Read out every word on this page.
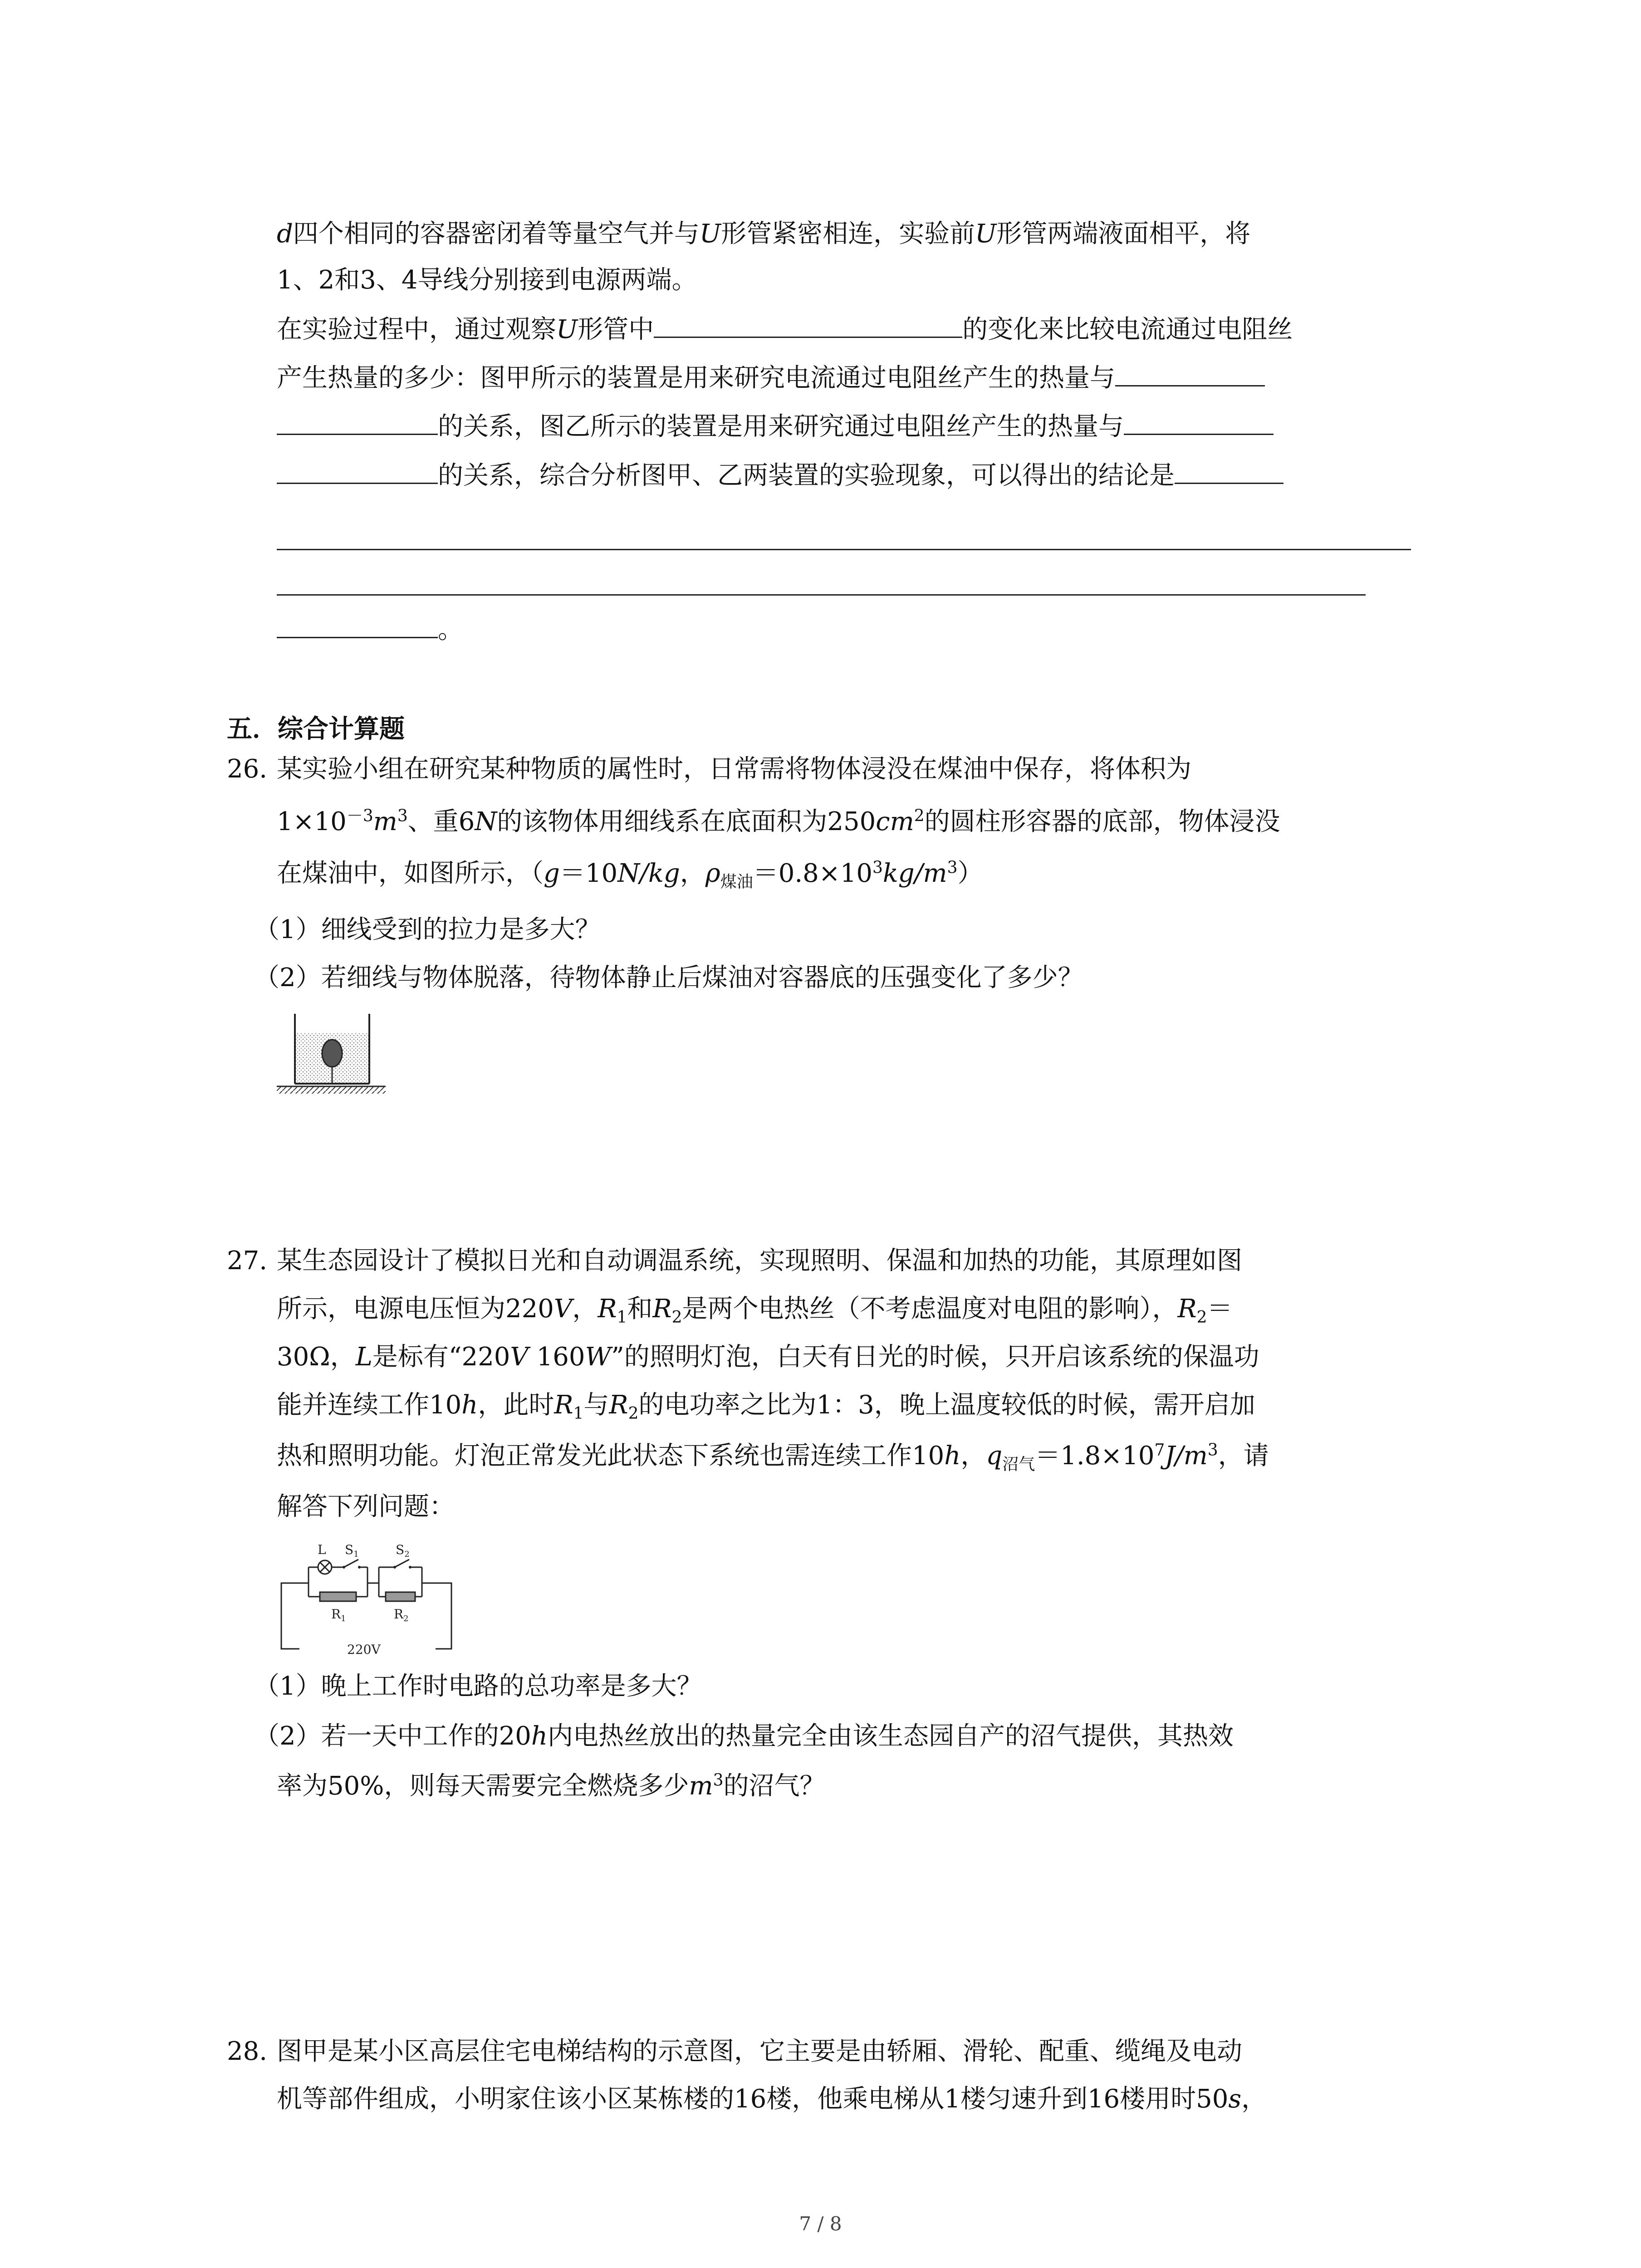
d四个相同的容器密闭着等量空气并与U形管紧密相连，实验前U形管两端液面相平，将
1、2和3、4导线分别接到电源两端。
在实验过程中，通过观察U形管中	的变化来比较电流通过电阻丝
产生热量的多少：图甲所示的装置是用来研究电流通过电阻丝产生的热量与
的关系，图乙所示的装置是用来研究通过电阻丝产生的热量与
的关系，综合分析图甲、乙两装置的实验现象，可以得出的结论是
。
五．综合计算题
26. 某实验小组在研究某种物质的属性时，日常需将物体浸没在煤油中保存，将体积为
$1\times 10^{-3}m^3$、重6N的该物体用细线系在底面积为$250cm^2$的圆柱形容器的底部，物体浸没
在煤油中，如图所示，（g＝10N/kg，$\rho_{煤油}=0.8\times 10^3kg/m^3$）
（1）细线受到的拉力是多大？
（2）若细线与物体脱落，待物体静止后煤油对容器底的压强变化了多少？
27. 某生态园设计了模拟日光和自动调温系统，实现照明、保温和加热的功能，其原理如图
所示，电源电压恒为220V，$R_1$和$R_2$是两个电热丝（不考虑温度对电阻的影响），$R_2=$
30Ω，L是标有“220V 160W”的照明灯泡，白天有日光的时候，只开启该系统的保温功
能并连续工作10h，此时$R_1$与$R_2$的电功率之比为1：3，晚上温度较低的时候，需开启加
热和照明功能。灯泡正常发光此状态下系统也需连续工作10h，$q_{沼气}=1.8\times 10^7J/m^3$，请
解答下列问题：
L $S_1$	$S_2$
$R_1$	$R_2$
220V
（1）晚上工作时电路的总功率是多大？
（2）若一天中工作的20h内电热丝放出的热量完全由该生态园自产的沼气提供，其热效
率为50%，则每天需要完全燃烧多少$m^3$的沼气？
28. 图甲是某小区高层住宅电梯结构的示意图，它主要是由轿厢、滑轮、配重、缆绳及电动
机等部件组成，小明家住该小区某栋楼的16楼，他乘电梯从1楼匀速升到16楼用时50s，
7 / 8
